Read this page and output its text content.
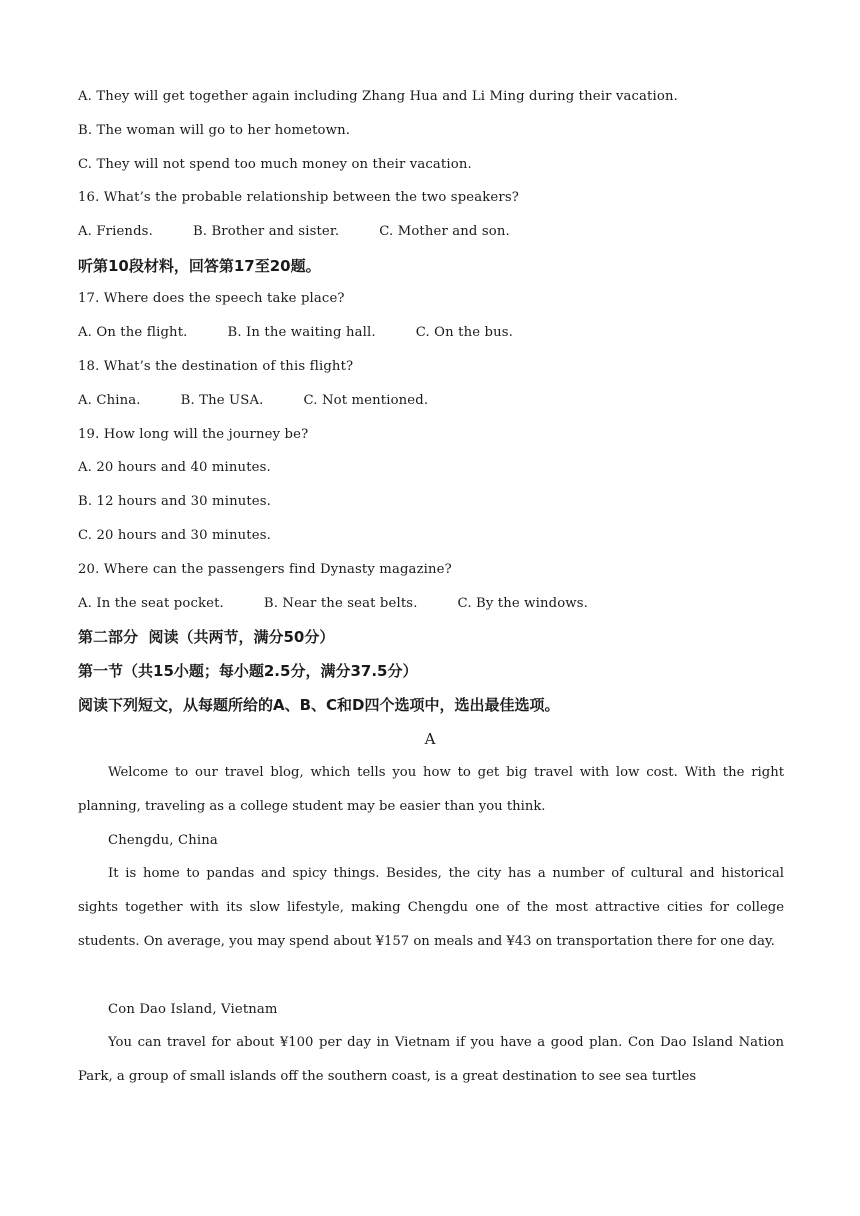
A. They will get together again including Zhang Hua and Li Ming during their vacation.
B. The woman will go to her hometown.
C. They will not spend too much money on their vacation.
16. What’s the probable relationship between the two speakers?
A. Friends.	B. Brother and sister.	C. Mother and son.
听第10段材料，回答第17至20题。
17. Where does the speech take place?
A. On the flight.	B. In the waiting hall.	C. On the bus.
18. What’s the destination of this flight?
A. China.	B. The USA.	C. Not mentioned.
19. How long will the journey be?
A. 20 hours and 40 minutes.
B. 12 hours and 30 minutes.
C. 20 hours and 30 minutes.
20. Where can the passengers find Dynasty magazine?
A. In the seat pocket.	B. Near the seat belts.	C. By the windows.
第二部分  阅读（共两节，满分50分）
第一节（共15小题；每小题2.5分，满分37.5分）
阅读下列短文，从每题所给的A、B、C和D四个选项中，选出最佳选项。
A
Welcome to our travel blog, which tells you how to get big travel with low cost. With the right planning, traveling as a college student may be easier than you think.
Chengdu, China
It is home to pandas and spicy things. Besides, the city has a number of cultural and historical sights together with its slow lifestyle, making Chengdu one of the most attractive cities for college students. On average, you may spend about ¥157 on meals and ¥43 on transportation there for one day.
Con Dao Island, Vietnam
You can travel for about ¥100 per day in Vietnam if you have a good plan. Con Dao Island Nation Park, a group of small islands off the southern coast, is a great destination to see sea turtles
